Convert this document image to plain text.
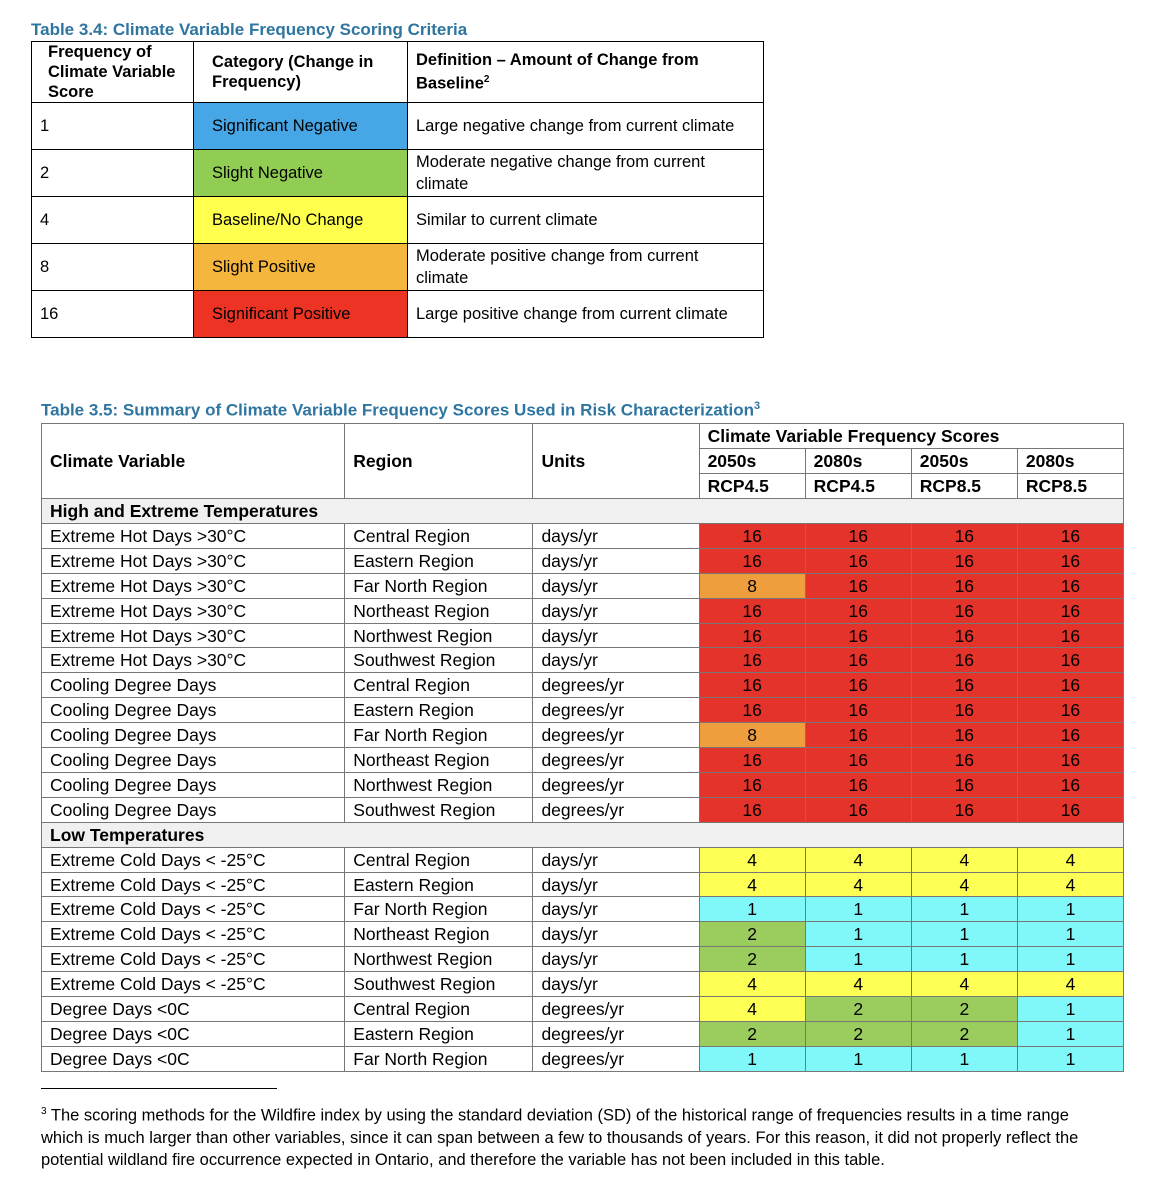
Table 3.4: Climate Variable Frequency Scoring Criteria
Frequency of Climate Variable Score	Category (Change in Frequency)	Definition – Amount of Change from Baseline$^2$
1	Significant Negative	Large negative change from current climate
2	Slight Negative	Moderate negative change from current climate
4	Baseline/No Change	Similar to current climate
8	Slight Positive	Moderate positive change from current climate
16	Significant Positive	Large positive change from current climate
Table 3.5: Summary of Climate Variable Frequency Scores Used in Risk Characterization$^3$
Climate Variable	Region	Units	Climate Variable Frequency Scores			
			2050s	2080s	2050s	2080s
			RCP4.5	RCP4.5	RCP8.5	RCP8.5
High and Extreme Temperatures						
Extreme Hot Days >30°C	Central Region	days/yr	16	16	16	16
Extreme Hot Days >30°C	Eastern Region	days/yr	16	16	16	16
Extreme Hot Days >30°C	Far North Region	days/yr	8	16	16	16
Extreme Hot Days >30°C	Northeast Region	days/yr	16	16	16	16
Extreme Hot Days >30°C	Northwest Region	days/yr	16	16	16	16
Extreme Hot Days >30°C	Southwest Region	days/yr	16	16	16	16
Cooling Degree Days	Central Region	degrees/yr	16	16	16	16
Cooling Degree Days	Eastern Region	degrees/yr	16	16	16	16
Cooling Degree Days	Far North Region	degrees/yr	8	16	16	16
Cooling Degree Days	Northeast Region	degrees/yr	16	16	16	16
Cooling Degree Days	Northwest Region	degrees/yr	16	16	16	16
Cooling Degree Days	Southwest Region	degrees/yr	16	16	16	16
Low Temperatures						
Extreme Cold Days < -25°C	Central Region	days/yr	4	4	4	4
Extreme Cold Days < -25°C	Eastern Region	days/yr	4	4	4	4
Extreme Cold Days < -25°C	Far North Region	days/yr	1	1	1	1
Extreme Cold Days < -25°C	Northeast Region	days/yr	2	1	1	1
Extreme Cold Days < -25°C	Northwest Region	days/yr	2	1	1	1
Extreme Cold Days < -25°C	Southwest Region	days/yr	4	4	4	4
Degree Days <0C	Central Region	degrees/yr	4	2	2	1
Degree Days <0C	Eastern Region	degrees/yr	2	2	2	1
Degree Days <0C	Far North Region	degrees/yr	1	1	1	1
$^3$ The scoring methods for the Wildfire index by using the standard deviation (SD) of the historical range of frequencies results in a time range which is much larger than other variables, since it can span between a few to thousands of years. For this reason, it did not properly reflect the potential wildland fire occurrence expected in Ontario, and therefore the variable has not been included in this table.
